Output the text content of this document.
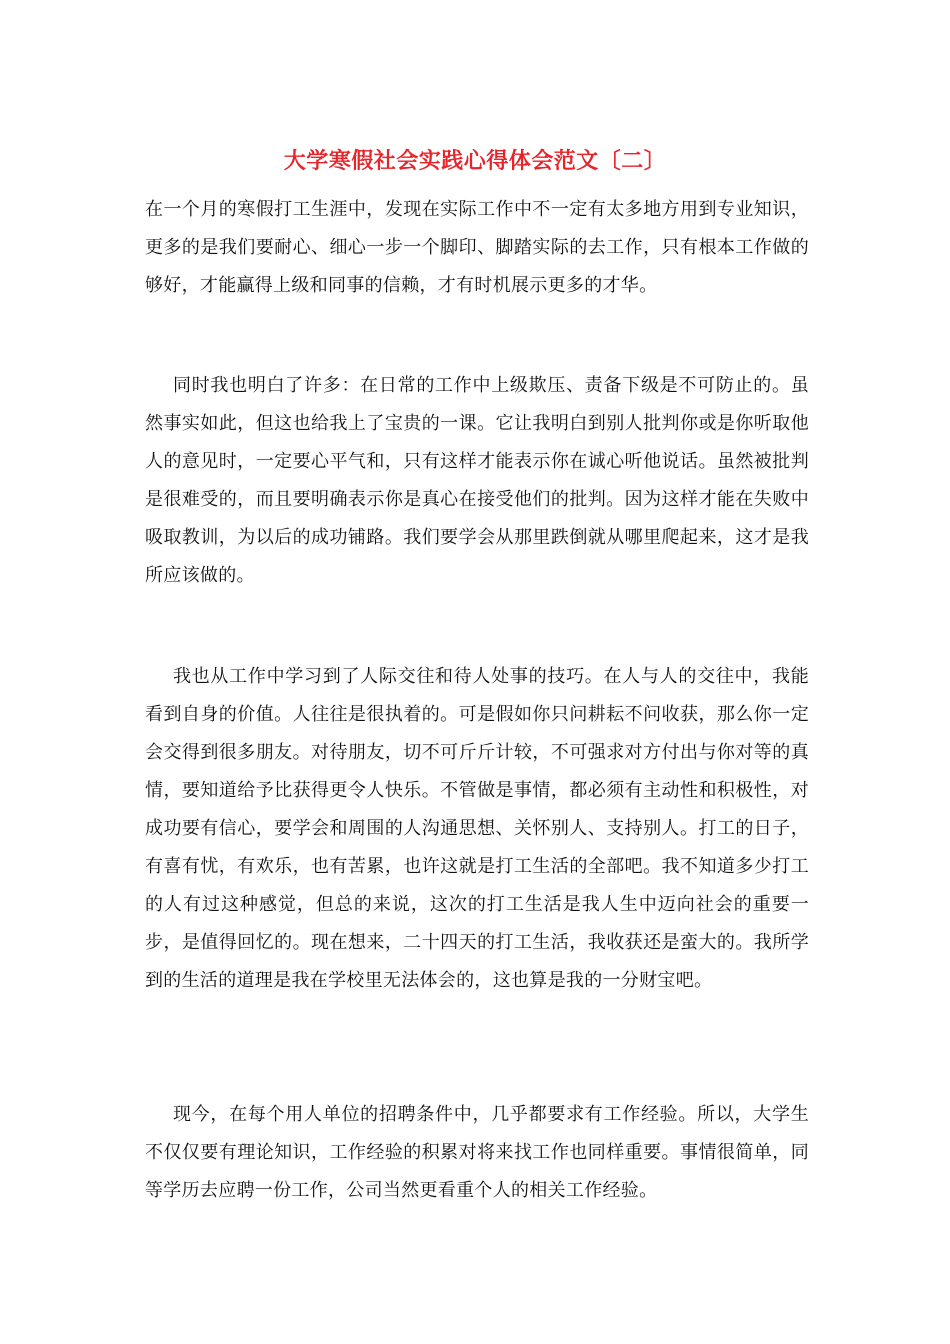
大学寒假社会实践心得体会范文〔二〕

在一个月的寒假打工生涯中，发现在实际工作中不一定有太多地方用到专业知识，更多的是我们要耐心、细心一步一个脚印、脚踏实际的去工作，只有根本工作做的够好，才能赢得上级和同事的信赖，才有时机展示更多的才华。

同时我也明白了许多：在日常的工作中上级欺压、责备下级是不可防止的。虽然事实如此，但这也给我上了宝贵的一课。它让我明白到别人批判你或是你听取他人的意见时，一定要心平气和，只有这样才能表示你在诚心听他说话。虽然被批判是很难受的，而且要明确表示你是真心在接受他们的批判。因为这样才能在失败中吸取教训，为以后的成功铺路。我们要学会从那里跌倒就从哪里爬起来，这才是我所应该做的。

我也从工作中学习到了人际交往和待人处事的技巧。在人与人的交往中，我能看到自身的价值。人往往是很执着的。可是假如你只问耕耘不问收获，那么你一定会交得到很多朋友。对待朋友，切不可斤斤计较，不可强求对方付出与你对等的真情，要知道给予比获得更令人快乐。不管做是事情，都必须有主动性和积极性，对成功要有信心，要学会和周围的人沟通思想、关怀别人、支持别人。打工的日子，有喜有忧，有欢乐，也有苦累，也许这就是打工生活的全部吧。我不知道多少打工的人有过这种感觉，但总的来说，这次的打工生活是我人生中迈向社会的重要一步，是值得回忆的。现在想来，二十四天的打工生活，我收获还是蛮大的。我所学到的生活的道理是我在学校里无法体会的，这也算是我的一分财宝吧。

现今，在每个用人单位的招聘条件中，几乎都要求有工作经验。所以，大学生不仅仅要有理论知识，工作经验的积累对将来找工作也同样重要。事情很简单，同等学历去应聘一份工作，公司当然更看重个人的相关工作经验。
